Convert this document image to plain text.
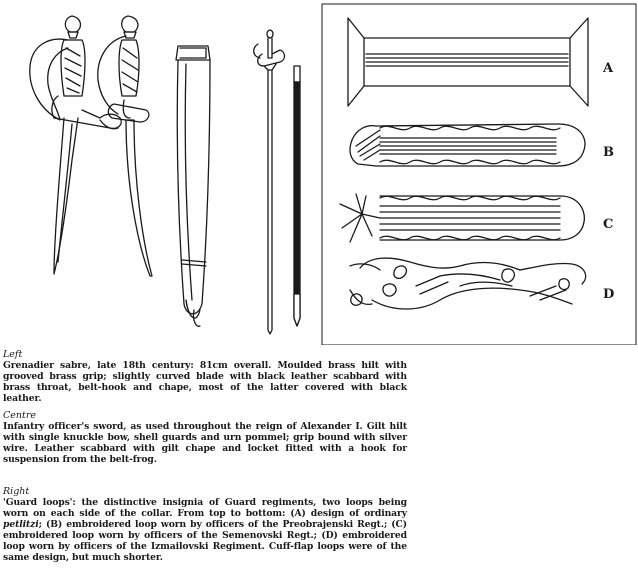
A
B
C
D

Left

Grenadier sabre, late 18th century: 81cm overall. Moulded brass hilt with grooved brass grip; slightly curved blade with black leather scabbard with brass throat, belt-hook and chape, most of the latter covered with black leather.

Centre

Infantry officer's sword, as used throughout the reign of Alexander I. Gilt hilt with single knuckle bow, shell guards and urn pommel; grip bound with silver wire. Leather scabbard with gilt chape and locket fitted with a hook for suspension from the belt-frog.

Right

'Guard loops': the distinctive insignia of Guard regiments, two loops being worn on each side of the collar. From top to bottom: (A) design of ordinary petlitzi; (B) embroidered loop worn by officers of the Preobrajenski Regt.; (C) embroidered loop worn by officers of the Semenovski Regt.; (D) embroidered loop worn by officers of the Izmailovski Regiment. Cuff-flap loops were of the same design, but much shorter.
